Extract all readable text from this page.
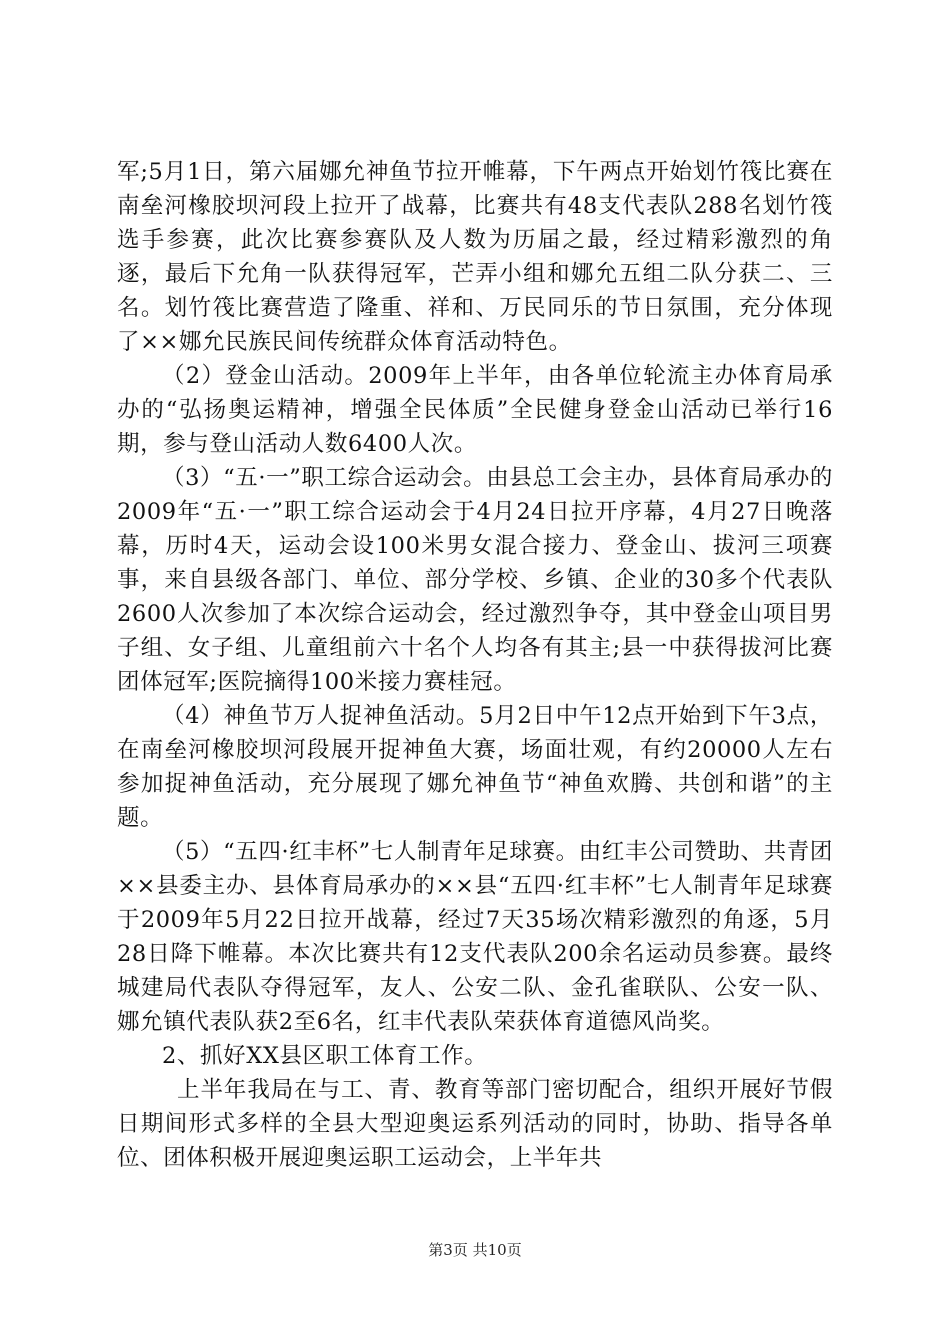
军;5月1日，第六届娜允神鱼节拉开帷幕，下午两点开始划竹筏比赛在南垒河橡胶坝河段上拉开了战幕，比赛共有48支代表队288名划竹筏选手参赛，此次比赛参赛队及人数为历届之最，经过精彩激烈的角逐，最后下允角一队获得冠军，芒弄小组和娜允五组二队分获二、三名。划竹筏比赛营造了隆重、祥和、万民同乐的节日氛围，充分体现了××娜允民族民间传统群众体育活动特色。

（2）登金山活动。2009年上半年，由各单位轮流主办体育局承办的“弘扬奥运精神，增强全民体质”全民健身登金山活动已举行16期，参与登山活动人数6400人次。

（3）“五·一”职工综合运动会。由县总工会主办，县体育局承办的2009年“五·一”职工综合运动会于4月24日拉开序幕，4月27日晚落幕，历时4天，运动会设100米男女混合接力、登金山、拔河三项赛事，来自县级各部门、单位、部分学校、乡镇、企业的30多个代表队2600人次参加了本次综合运动会，经过激烈争夺，其中登金山项目男子组、女子组、儿童组前六十名个人均各有其主;县一中获得拔河比赛团体冠军;医院摘得100米接力赛桂冠。

（4）神鱼节万人捉神鱼活动。5月2日中午12点开始到下午3点，在南垒河橡胶坝河段展开捉神鱼大赛，场面壮观，有约20000人左右参加捉神鱼活动，充分展现了娜允神鱼节“神鱼欢腾、共创和谐”的主题。

（5）“五四·红丰杯”七人制青年足球赛。由红丰公司赞助、共青团××县委主办、县体育局承办的××县“五四·红丰杯”七人制青年足球赛于2009年5月22日拉开战幕，经过7天35场次精彩激烈的角逐，5月28日降下帷幕。本次比赛共有12支代表队200余名运动员参赛。最终城建局代表队夺得冠军，友人、公安二队、金孔雀联队、公安一队、娜允镇代表队获2至6名，红丰代表队荣获体育道德风尚奖。

2、抓好XX县区职工体育工作。

上半年我局在与工、青、教育等部门密切配合，组织开展好节假日期间形式多样的全县大型迎奥运系列活动的同时，协助、指导各单位、团体积极开展迎奥运职工运动会，上半年共

第3页 共10页
